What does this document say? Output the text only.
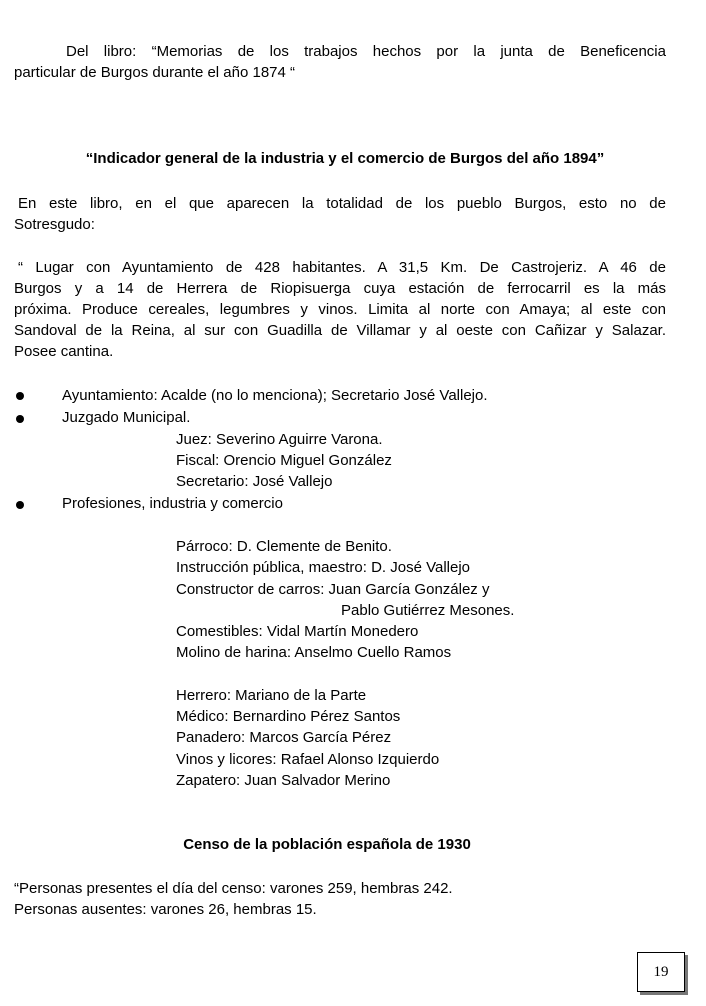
Del libro: “Memorias de los trabajos hechos por la junta de Beneficencia

particular de Burgos durante el año 1874 “

“Indicador general de la industria y el comercio de Burgos del año 1894”

En este libro, en el que aparecen la totalidad de los pueblo Burgos, esto no de

Sotresgudo:

“ Lugar con Ayuntamiento de 428 habitantes. A 31,5 Km. De Castrojeriz. A 46 de

Burgos y a 14 de Herrera de Riopisuerga cuya estación de ferrocarril es la más

próxima. Produce cereales, legumbres y vinos. Limita al norte con Amaya; al este con

Sandoval de la Reina, al sur con Guadilla de Villamar y al oeste con Cañizar y Salazar.

Posee cantina.

Ayuntamiento: Acalde (no lo menciona); Secretario José Vallejo.
Juzgado Municipal.
Juez: Severino Aguirre Varona.
Fiscal: Orencio Miguel González
Secretario: José Vallejo
Profesiones, industria y comercio
Párroco: D. Clemente de Benito.
Instrucción pública, maestro: D. José Vallejo
Constructor de carros: Juan García González y
Pablo Gutiérrez Mesones.
Comestibles: Vidal Martín Monedero
Molino de harina: Anselmo Cuello Ramos
Herrero: Mariano de la Parte
Médico: Bernardino Pérez Santos
Panadero: Marcos García Pérez
Vinos y licores: Rafael Alonso Izquierdo
Zapatero: Juan Salvador Merino
Censo de la población española de 1930
“Personas presentes el día del censo: varones 259, hembras 242.
Personas ausentes: varones 26, hembras 15.
19
